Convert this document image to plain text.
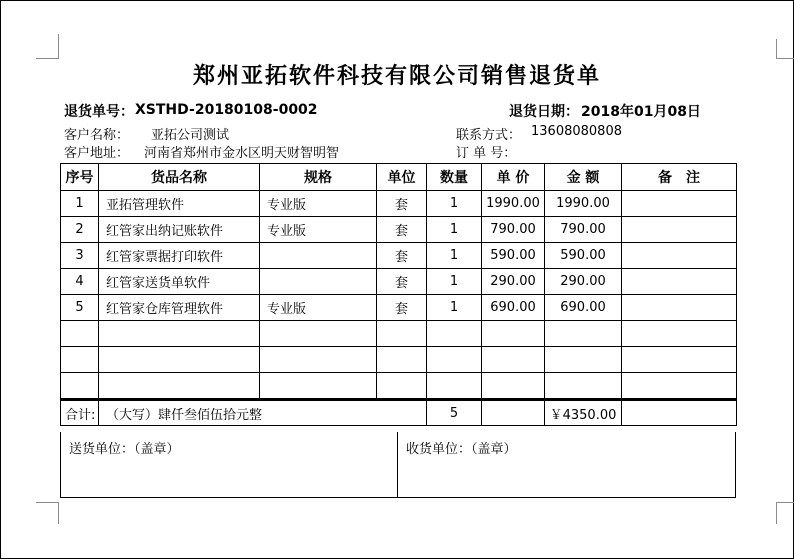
郑州亚拓软件科技有限公司销售退货单
退货单号： XSTHD-20180108-0002	退货日期： 2018年01月08日
客户名称： 亚拓公司测试	联系方式： 13608080808
客户地址： 河南省郑州市金水区明天财智明智	订 单 号：
序号	货品名称	规格	单位	数量	单 价	金 额	备　注
1	亚拓管理软件	专业版	套	1	1990.00	1990.00	
2	红管家出纳记账软件	专业版	套	1	790.00	790.00	
3	红管家票据打印软件		套	1	590.00	590.00	
4	红管家送货单软件		套	1	290.00	290.00	
5	红管家仓库管理软件	专业版	套	1	690.00	690.00	

合计:	（大写）肆仟叁佰伍拾元整			5		￥4350.00	
送货单位：（盖章）	收货单位：（盖章）
